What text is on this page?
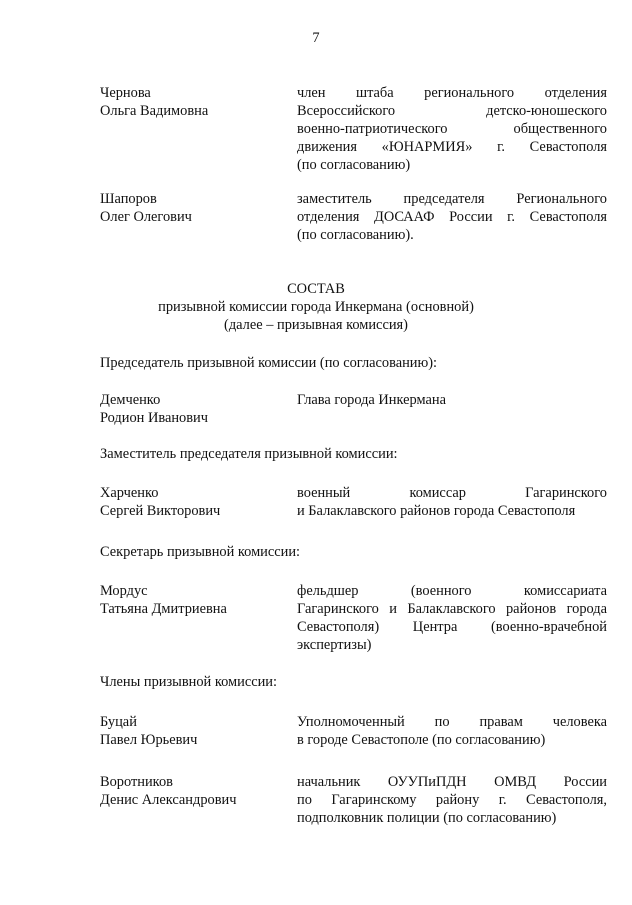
7
Чернова
Ольга Вадимовна
член штаба регионального отделения
Всероссийского детско-юношеского
военно-патриотического общественного
движения «ЮНАРМИЯ» г. Севастополя
(по согласованию)
Шапоров
Олег Олегович
заместитель председателя Регионального
отделения ДОСААФ России г. Севастополя
(по согласованию).
СОСТАВ
призывной комиссии города Инкермана (основной)
(далее – призывная комиссия)
Председатель призывной комиссии (по согласованию):
Демченко
Родион Иванович
Глава города Инкермана
Заместитель председателя призывной комиссии:
Харченко
Сергей Викторович
военный комиссар Гагаринского
и Балаклавского районов города Севастополя
Секретарь призывной комиссии:
Мордус
Татьяна Дмитриевна
фельдшер (военного комиссариата
Гагаринского и Балаклавского районов города
Севастополя) Центра (военно-врачебной
экспертизы)
Члены призывной комиссии:
Буцай
Павел Юрьевич
Уполномоченный по правам человека
в городе Севастополе (по согласованию)
Воротников
Денис Александрович
начальник ОУУПиПДН ОМВД России
по Гагаринскому району г. Севастополя,
подполковник полиции (по согласованию)
